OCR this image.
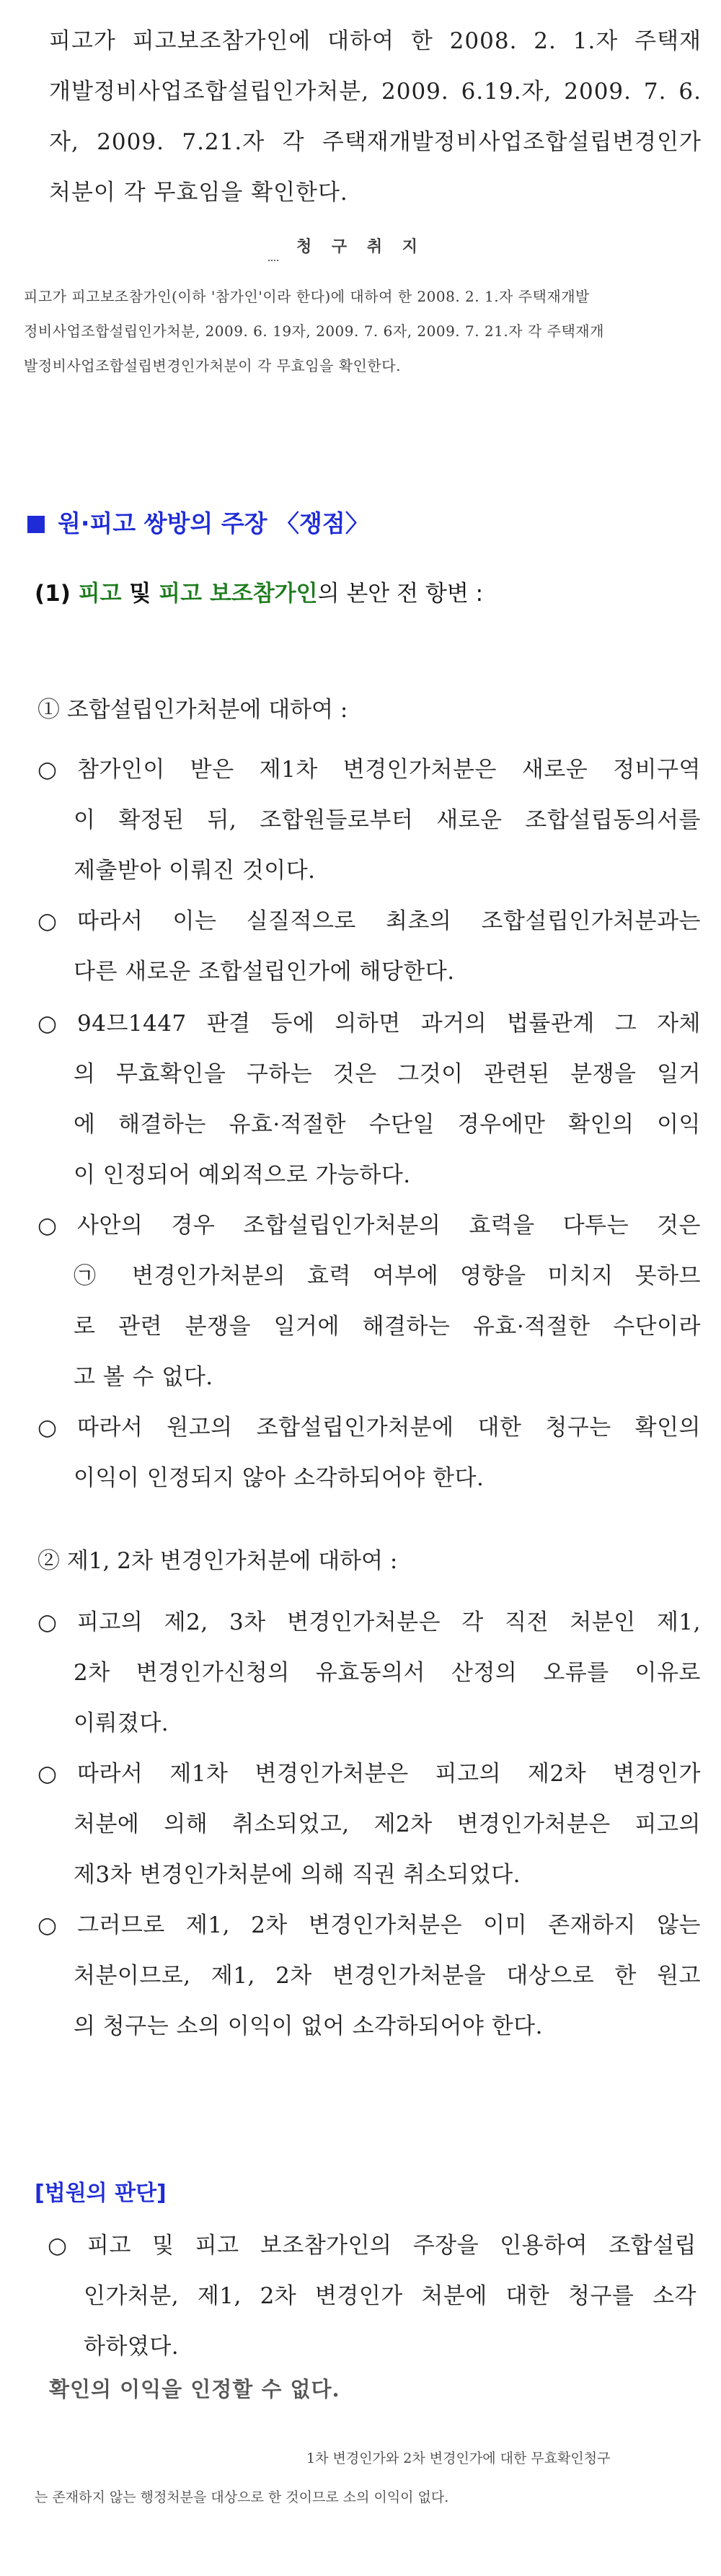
피고가 피고보조참가인에 대하여 한 2008. 2. 1.자 주택재
개발정비사업조합설립인가처분, 2009. 6.19.자, 2009. 7. 6.
자, 2009. 7.21.자 각 주택재개발정비사업조합설립변경인가
처분이 각 무효임을 확인한다.
청 구 취 지
피고가 피고보조참가인(이하 '참가인'이라 한다)에 대하여 한 2008. 2. 1.자 주택재개발
정비사업조합설립인가처분, 2009. 6. 19자, 2009. 7. 6자, 2009. 7. 21.자 각 주택재개
발정비사업조합설립변경인가처분이 각 무효임을 확인한다.
원·피고 쌍방의 주장 〈쟁점〉
(1) 피고 및 피고 보조참가인의 본안 전 항변 :
① 조합설립인가처분에 대하여 :
○ 참가인이 받은 제1차 변경인가처분은 새로운 정비구역
이 확정된 뒤, 조합원들로부터 새로운 조합설립동의서를
제출받아 이뤄진 것이다.
○ 따라서 이는 실질적으로 최초의 조합설립인가처분과는
다른 새로운 조합설립인가에 해당한다.
○ 94므1447 판결 등에 의하면 과거의 법률관계 그 자체
의 무효확인을 구하는 것은 그것이 관련된 분쟁을 일거
에 해결하는 유효·적절한 수단일 경우에만 확인의 이익
이 인정되어 예외적으로 가능하다.
○ 사안의 경우 조합설립인가처분의 효력을 다투는 것은
㉠ 변경인가처분의 효력 여부에 영향을 미치지 못하므
로 관련 분쟁을 일거에 해결하는 유효·적절한 수단이라
고 볼 수 없다.
○ 따라서 원고의 조합설립인가처분에 대한 청구는 확인의
이익이 인정되지 않아 소각하되어야 한다.
② 제1, 2차 변경인가처분에 대하여 :
○ 피고의 제2, 3차 변경인가처분은 각 직전 처분인 제1,
2차 변경인가신청의 유효동의서 산정의 오류를 이유로
이뤄졌다.
○ 따라서 제1차 변경인가처분은 피고의 제2차 변경인가
처분에 의해 취소되었고, 제2차 변경인가처분은 피고의
제3차 변경인가처분에 의해 직권 취소되었다.
○ 그러므로 제1, 2차 변경인가처분은 이미 존재하지 않는
처분이므로, 제1, 2차 변경인가처분을 대상으로 한 원고
의 청구는 소의 이익이 없어 소각하되어야 한다.
[법원의 판단]
○ 피고 및 피고 보조참가인의 주장을 인용하여 조합설립
인가처분, 제1, 2차 변경인가 처분에 대한 청구를 소각
하하였다.
확인의 이익을 인정할 수 없다.
1차 변경인가와 2차 변경인가에 대한 무효확인청구
는 존재하지 않는 행정처분을 대상으로 한 것이므로 소의 이익이 없다.
